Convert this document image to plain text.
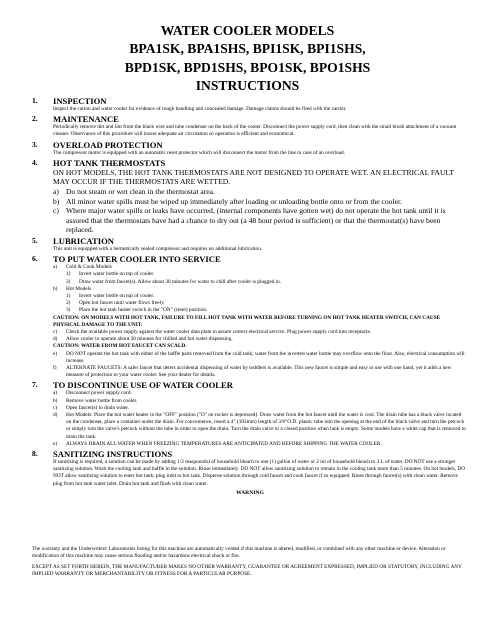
WATER COOLER MODELS
BPA1SK, BPA1SHS, BPI1SK, BPI1SHS,
BPD1SK, BPD1SHS, BPO1SK, BPO1SHS
INSTRUCTIONS
1. INSPECTION

Inspect the carton and water cooler for evidence of rough handling and concealed damage. Damage claims should be filed with the carrier.

2. MAINTENANCE

Periodically remove dirt and lint from the black wire and tube condenser on the back of the cooler. Disconnect the power supply cord, then clean with the small brush attachment of a vacuum cleaner. Observance of this procedure will insure adequate air circulation so operation is efficient and economical.

3. OVERLOAD PROTECTION

The compressor motor is equipped with an automatic reset protector which will disconnect the motor from the line in case of an overload.

4. HOT TANK THERMOSTATS

ON HOT MODELS, THE HOT TANK THERMOSTATS ARE NOT DESIGNED TO OPERATE WET. AN ELECTRICAL FAULT MAY OCCUR IF THE THERMOSTATS ARE WETTED.

a) Do not steam or wet clean in the thermostat area.
b) All minor water spills must be wiped up immediately after loading or unloading bottle onto or from the cooler.
c) Where major water spills or leaks have occurred, (internal components have gotten wet) do not operate the hot tank until it is assured that the thermostats have had a chance to dry out (a 48 hour period is sufficient) or that the thermostat(s) have been replaced.
5. LUBRICATION

This unit is equipped with a hermetically sealed compressor and requires no additional lubrication.

6. TO PUT WATER COOLER INTO SERVICE
a) Cold & Cook Models
1) Invert water bottle on top of cooler.
2) Draw water from faucet(s). Allow about 30 minutes for water to chill after cooler is plugged in.
b) Hot Models
1) Invert water bottle on top of cooler.
2) Open hot faucet until water flows freely.
3) Place the hot tank heater switch in the "ON" (reset) position.

CAUTION: ON MODELS WITH HOT TANK, FAILURE TO FILL HOT TANK WITH WATER BEFORE TURNING ON HOT TANK HEATER SWITCH, CAN CAUSE PHYSICAL DAMAGE TO THE UNIT.

c) Check the available power supply against the water cooler data plate to assure correct electrical service. Plug power supply cord into receptacle.
d) Allow cooler to operate about 30 minutes for chilled and hot water dispensing.

CAUTION: WATER FROM HOT FAUCET CAN SCALD.

e) DO NOT operate the hot tank with either of the baffle parts removed from the cold tank; water from the inverted water bottle may overflow onto the floor. Also, electrical consumption will increase.
f) ALTERNATE FAUCETS: A safer faucet that deters accidental dispensing of water by toddlers is available. This new faucet is simple and easy to use with one hand, yet it adds a new measure of protection to your water cooler. See your dealer for details.
7. TO DISCONTINUE USE OF WATER COOLER
a) Disconnect power supply cord.
b) Remove water bottle from cooler.
c) Open faucet(s) to drain water.
d) Hot Models: Place the hot water heater in the "OFF" position ("O" on rocker is depressed). Draw water from the hot faucet until the water is cool. The drain tube has a black valve located on the condenser, place a container under the drain. For convenience, insert a 4" (102mm) length of 3/8"O.D. plastic tube into the opening at the end of the black valve and turn the petcock or simply turn the valve's petcock without the tube in order to open the drain. Turn the drain valve to a closed position when tank is empty. Some models have a white cap that is removed to drain the tank.
e) ALWAYS DRAIN ALL WATER WHEN FREEZING TEMPERATURES ARE ANTICIPATED AND BEFORE SHIPPING THE WATER COOLER.
8. SANITIZING INSTRUCTIONS

If sanitizing is required, a solution can be made by adding 1/2 teaspoonful of household bleach to one (1) gallon of water or 2 ml of household bleach to 3 L of water. DO NOT use a stronger sanitizing solution. Wash the cooling tank and baffle in the solution. Rinse immediately. DO NOT allow sanitizing solution to remain in the cooling tank more than 5 minutes. On hot models, DO NOT allow sanitizing solution to enter hot tank; plug inlet to hot tank. Dispense solution through cold faucet and cook faucet if so equipped. Rinse through faucet(s) with clean water. Remove plug from hot tank water inlet. Drain hot tank and flush with clean water.

WARNING

The warranty and the Underwriters' Laboratories listing for this machine are automatically voided if this machine is altered, modified, or combined with any other machine or device. Alteration or modification of this machine may cause serious flooding and/or hazardous electrical shock or fire.

EXCEPT AS SET FORTH HEREIN, THE MANUFACTURER MAKES NO OTHER WARRANTY, GUARANTEE OR AGREEMENT EXPRESSED, IMPLIED OR STATUTORY, INCLUDING ANY IMPLIED WARRANTY OR MERCHANTABILITY OR FITNESS FOR A PARTICULAR PURPOSE.
